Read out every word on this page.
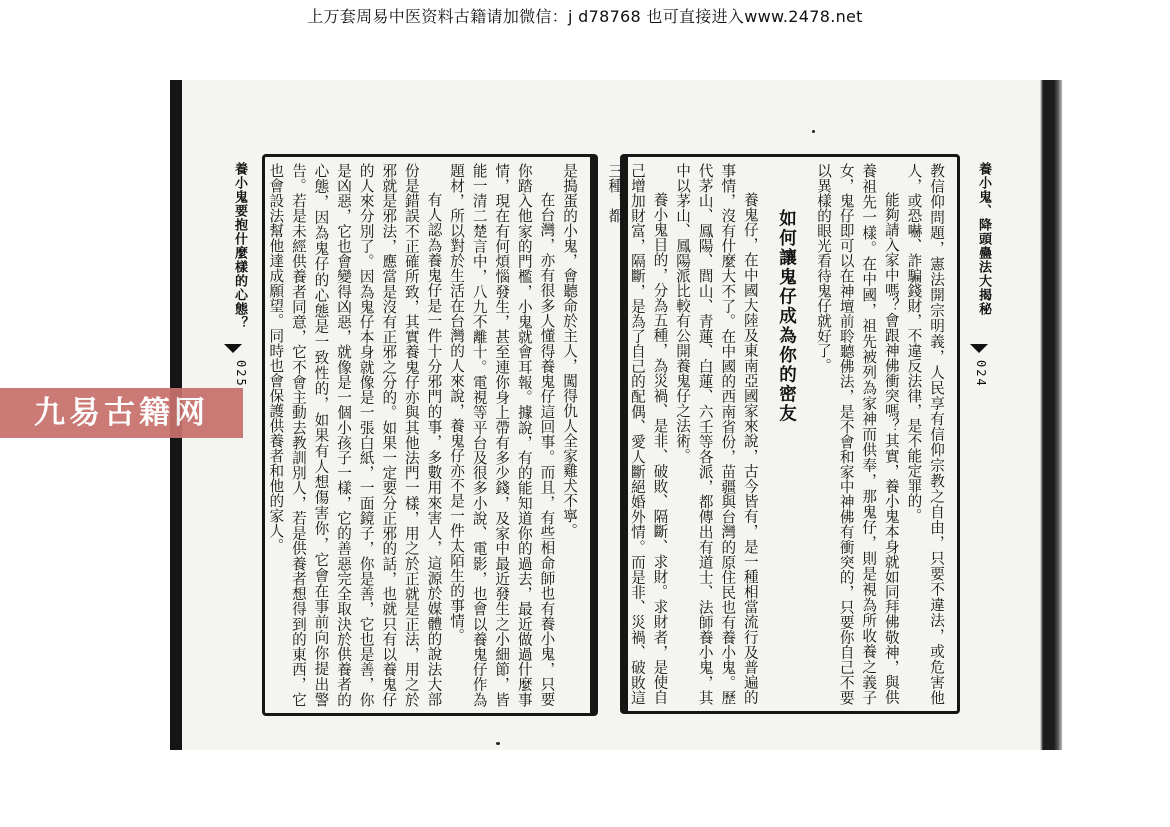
上万套周易中医资料古籍请加微信：j d78768 也可直接进入www.2478.net
養小鬼要抱什麼樣的心態？
025	是搗蛋的小鬼，會聽命於主人，闖得仇人全家雞犬不寧。

在台灣，亦有很多人懂得養鬼仔這回事。而且，有些相命師也有養小鬼，只要你踏入他家的門檻，小鬼就會耳報。據說，有的能知道你的過去，最近做過什麼事情，現在有何煩惱發生，甚至連你身上帶有多少錢，及家中最近發生之小細節，皆能一清二楚言中，八九不離十。電視等平台及很多小說、電影，也會以養鬼仔作為題材，所以對於生活在台灣的人來說，養鬼仔亦不是一件太陌生的事情。

有人認為養鬼仔是一件十分邪門的事，多數用來害人，這源於媒體的說法大部份是錯誤不正確所致，其實養鬼仔亦與其他法門一樣，用之於正就是正法，用之於邪就是邪法，應當是沒有正邪之分的。如果一定要分正邪的話，也就只有以養鬼仔的人來分別了。因為鬼仔本身就像是一張白紙，一面鏡子，你是善，它也是善，你是凶惡，它也會變得凶惡，就像是一個小孩子一樣，它的善惡完全取決於供養者的心態，因為鬼仔的心態是一致性的，如果有人想傷害你，它會在事前向你提出警告。若是未經供養者同意，它不會主動去教訓別人，若是供養者想得到的東西，它也會設法幫他達成願望。同時也會保護供養者和他的家人。	養小鬼、降頭蠱法大揭秘
024

教信仰問題，憲法開宗明義，人民享有信仰宗教之自由，只要不違法，或危害他人，或恐嚇、詐騙錢財，不違反法律，是不能定罪的。

能夠請入家中嗎？會跟神佛衝突嗎？其實，養小鬼本身就如同拜佛敬神，與供養祖先一樣。在中國，祖先被列為家神而供奉，那鬼仔，則是視為所收養之義子女，鬼仔即可以在神壇前聆聽佛法，是不會和家中神佛有衝突的，只要你自己不要以異樣的眼光看待鬼仔就好了。

如何讓鬼仔成為你的密友

養鬼仔，在中國大陸及東南亞國家來說，古今皆有，是一種相當流行及普遍的事情，沒有什麼大不了。在中國的西南省份，苗疆與台灣的原住民也有養小鬼。歷代茅山、鳳陽、閭山、青蓮、白蓮、六壬等各派，都傳出有道士、法師養小鬼，其中以茅山、鳳陽派比較有公開養鬼仔之法術。

養小鬼目的，分為五種，為災禍、是非、破敗、隔斷、求財。求財者，是使自己增加財富，隔斷，是為了自己的配偶、愛人斷絕婚外情。而是非、災禍、破敗這三種，都

九易古籍网
